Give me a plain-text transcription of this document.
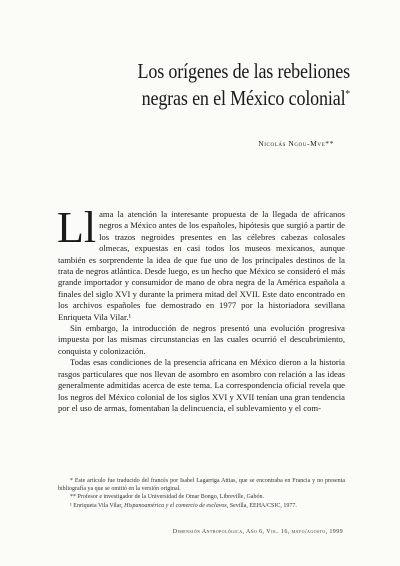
Los orígenes de las rebeliones
negras en el México colonial*
Nicolás Ngou-Mve**

Ll ama la atención la interesante propuesta de la llegada de africanos negros a México antes de los españoles, hipótesis que surgió a partir de los trazos negroides presentes en las célebres cabezas colosales olmecas, expuestas en casi todos los museos mexicanos, aunque también es sorprendente la idea de que fue uno de los principales destinos de la trata de negros atlántica. Desde luego, es un hecho que México se consideró el más grande importador y consumidor de mano de obra negra de la América española a finales del siglo XVI y durante la primera mitad del XVII. Este dato encontrado en los archivos españoles fue demostrado en 1977 por la historiadora sevillana Enriqueta Vila Vilar.¹

Sin embargo, la introducción de negros presentó una evolución progresiva impuesta por las mismas circunstancias en las cuales ocurrió el descubrimiento, conquista y colonización.

Todas esas condiciones de la presencia africana en México dieron a la historia rasgos particulares que nos llevan de asombro en asombro con relación a las ideas generalmente admitidas acerca de este tema. La correspondencia oficial revela que los negros del México colonial de los siglos XVI y XVII tenían una gran tendencia por el uso de armas, fomentaban la delincuencia, el sublevamiento y el com-

* Este artículo fue traducido del francés por Isabel Lagarriga Attias, que se encontraba en Francia y no presenta bibliografía ya que se omitió en la versión original.

** Profesor e investigador de la Universidad de Omar Bongo, Libreville, Gabón.

¹ Enriqueta Vila Vilar, Hispanoamérica y el comercio de esclavos, Sevilla, EEHA/CSIC, 1977.

Dimensión Antropológica, Año 6, Vol. 16, mayo/agosto, 1999
